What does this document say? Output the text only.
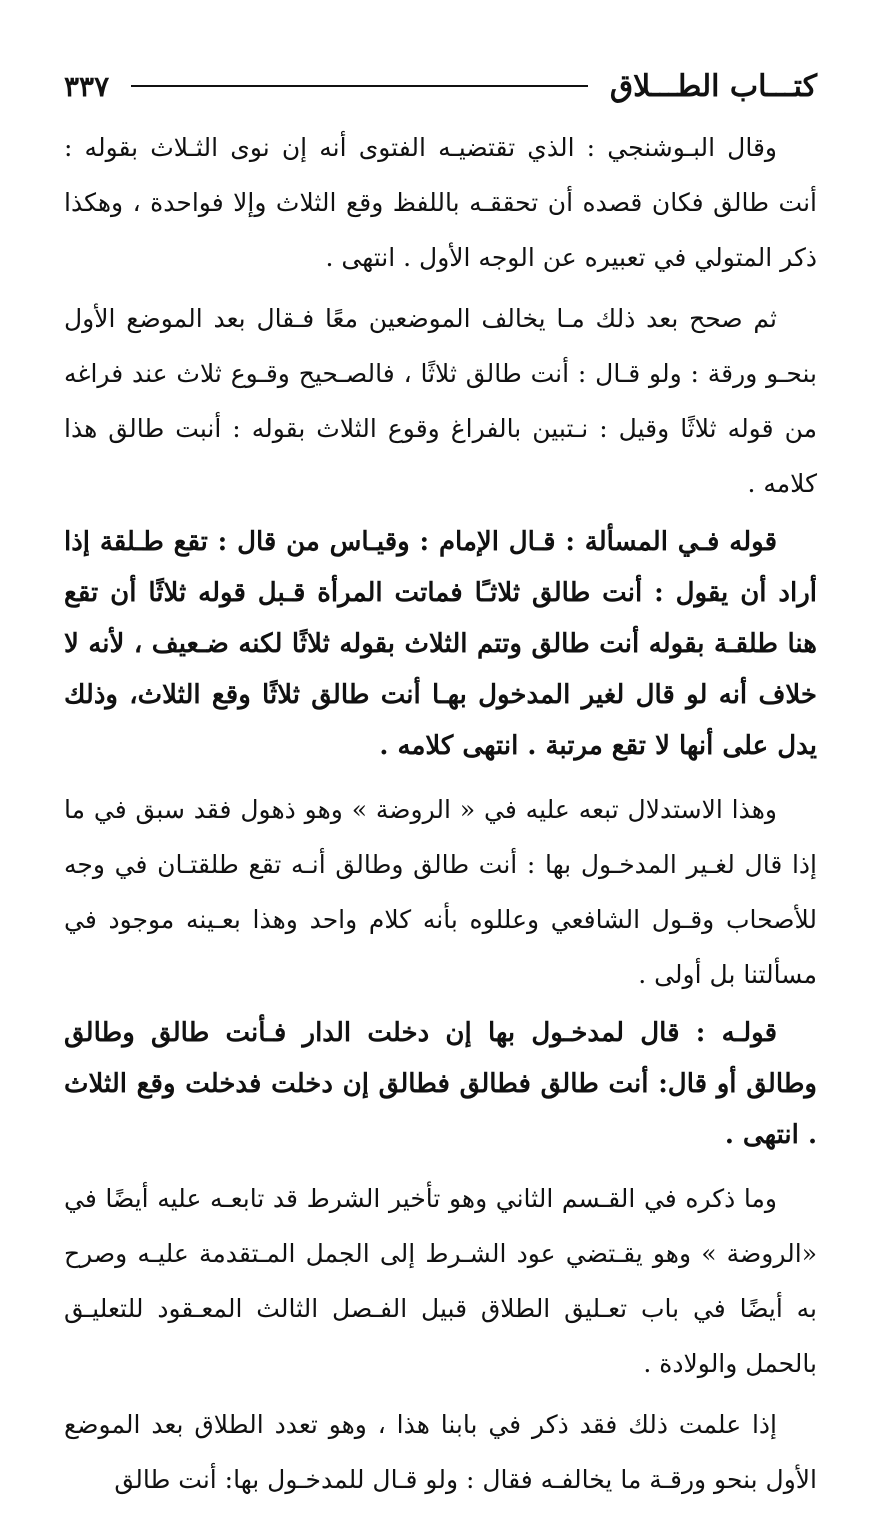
٣٣٧	كتـــاب الطـــلاق

وقال البـوشنجي : الذي تقتضيـه الفتوى أنه إن نوى الثـلاث بقوله : أنت طالق فكان قصده أن تحققـه باللفظ وقع الثلاث وإلا فواحدة ، وهكذا ذكر المتولي في تعبيره عن الوجه الأول . انتهى .

ثم صحح بعد ذلك مـا يخالف الموضعين معًا فـقال بعد الموضع الأول بنحـو ورقة : ولو قـال : أنت طالق ثلاثًا ، فالصـحيح وقـوع ثلاث عند فراغه من قوله ثلاثًا وقيل : نـتبين بالفراغ وقوع الثلاث بقوله : أنبت طالق هذا كلامه .

قوله فـي المسألة : قـال الإمام : وقيـاس من قال : تقع طـلقة إذا أراد أن يقول : أنت طالق ثلاثـًا فماتت المرأة قـبل قوله ثلاثًا أن تقع هنا طلقـة بقوله أنت طالق وتتم الثلاث بقوله ثلاثًا لكنه ضـعيف ، لأنه لا خلاف أنه لو قال لغير المدخول بهـا أنت طالق ثلاثًا وقع الثلاث، وذلك يدل على أنها لا تقع مرتبة . انتهى كلامه .

وهذا الاستدلال تبعه عليه في « الروضة » وهو ذهول فقد سبق في ما إذا قال لغـير المدخـول بها : أنت طالق وطالق أنـه تقع طلقتـان في وجه للأصحاب وقـول الشافعي وعللوه بأنه كلام واحد وهذا بعـينه موجود في مسألتنا بل أولى .

قولـه : قال لمدخـول بها إن دخلت الدار فـأنت طالق وطالق وطالق أو قال: أنت طالق فطالق فطالق إن دخلت فدخلت وقع الثلاث . انتهى .

وما ذكره في القـسم الثاني وهو تأخير الشرط قد تابعـه عليه أيضًا في «الروضة » وهو يقـتضي عود الشـرط إلى الجمل المـتقدمة عليـه وصرح به أيضًا في باب تعـليق الطلاق قبيل الفـصل الثالث المعـقود للتعليـق بالحمل والولادة .

إذا علمت ذلك فقد ذكر في بابنا هذا ، وهو تعدد الطلاق بعد الموضع الأول بنحو ورقـة ما يخالفـه فقال : ولو قـال للمدخـول بها: أنت طالق
